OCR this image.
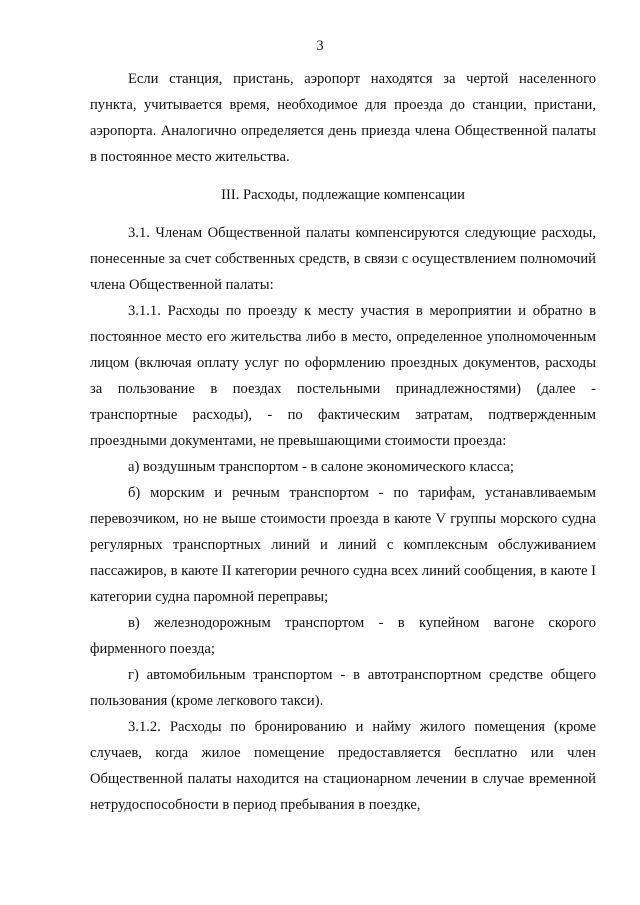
3

Если станция, пристань, аэропорт находятся за чертой населенного пункта, учитывается время, необходимое для проезда до станции, пристани, аэропорта. Аналогично определяется день приезда члена Общественной палаты в постоянное место жительства.

III. Расходы, подлежащие компенсации

3.1. Членам Общественной палаты компенсируются следующие расходы, понесенные за счет собственных средств, в связи с осуществлением полномочий члена Общественной палаты:

3.1.1. Расходы по проезду к месту участия в мероприятии и обратно в постоянное место его жительства либо в место, определенное уполномоченным лицом (включая оплату услуг по оформлению проездных документов, расходы за пользование в поездах постельными принадлежностями) (далее - транспортные расходы), - по фактическим затратам, подтвержденным проездными документами, не превышающими стоимости проезда:

а) воздушным транспортом - в салоне экономического класса;

б) морским и речным транспортом - по тарифам, устанавливаемым перевозчиком, но не выше стоимости проезда в каюте V группы морского судна регулярных транспортных линий и линий с комплексным обслуживанием пассажиров, в каюте II категории речного судна всех линий сообщения, в каюте I категории судна паромной переправы;

в) железнодорожным транспортом - в купейном вагоне скорого фирменного поезда;

г) автомобильным транспортом - в автотранспортном средстве общего пользования (кроме легкового такси).

3.1.2. Расходы по бронированию и найму жилого помещения (кроме случаев, когда жилое помещение предоставляется бесплатно или член Общественной палаты находится на стационарном лечении в случае временной нетрудоспособности в период пребывания в поездке,
